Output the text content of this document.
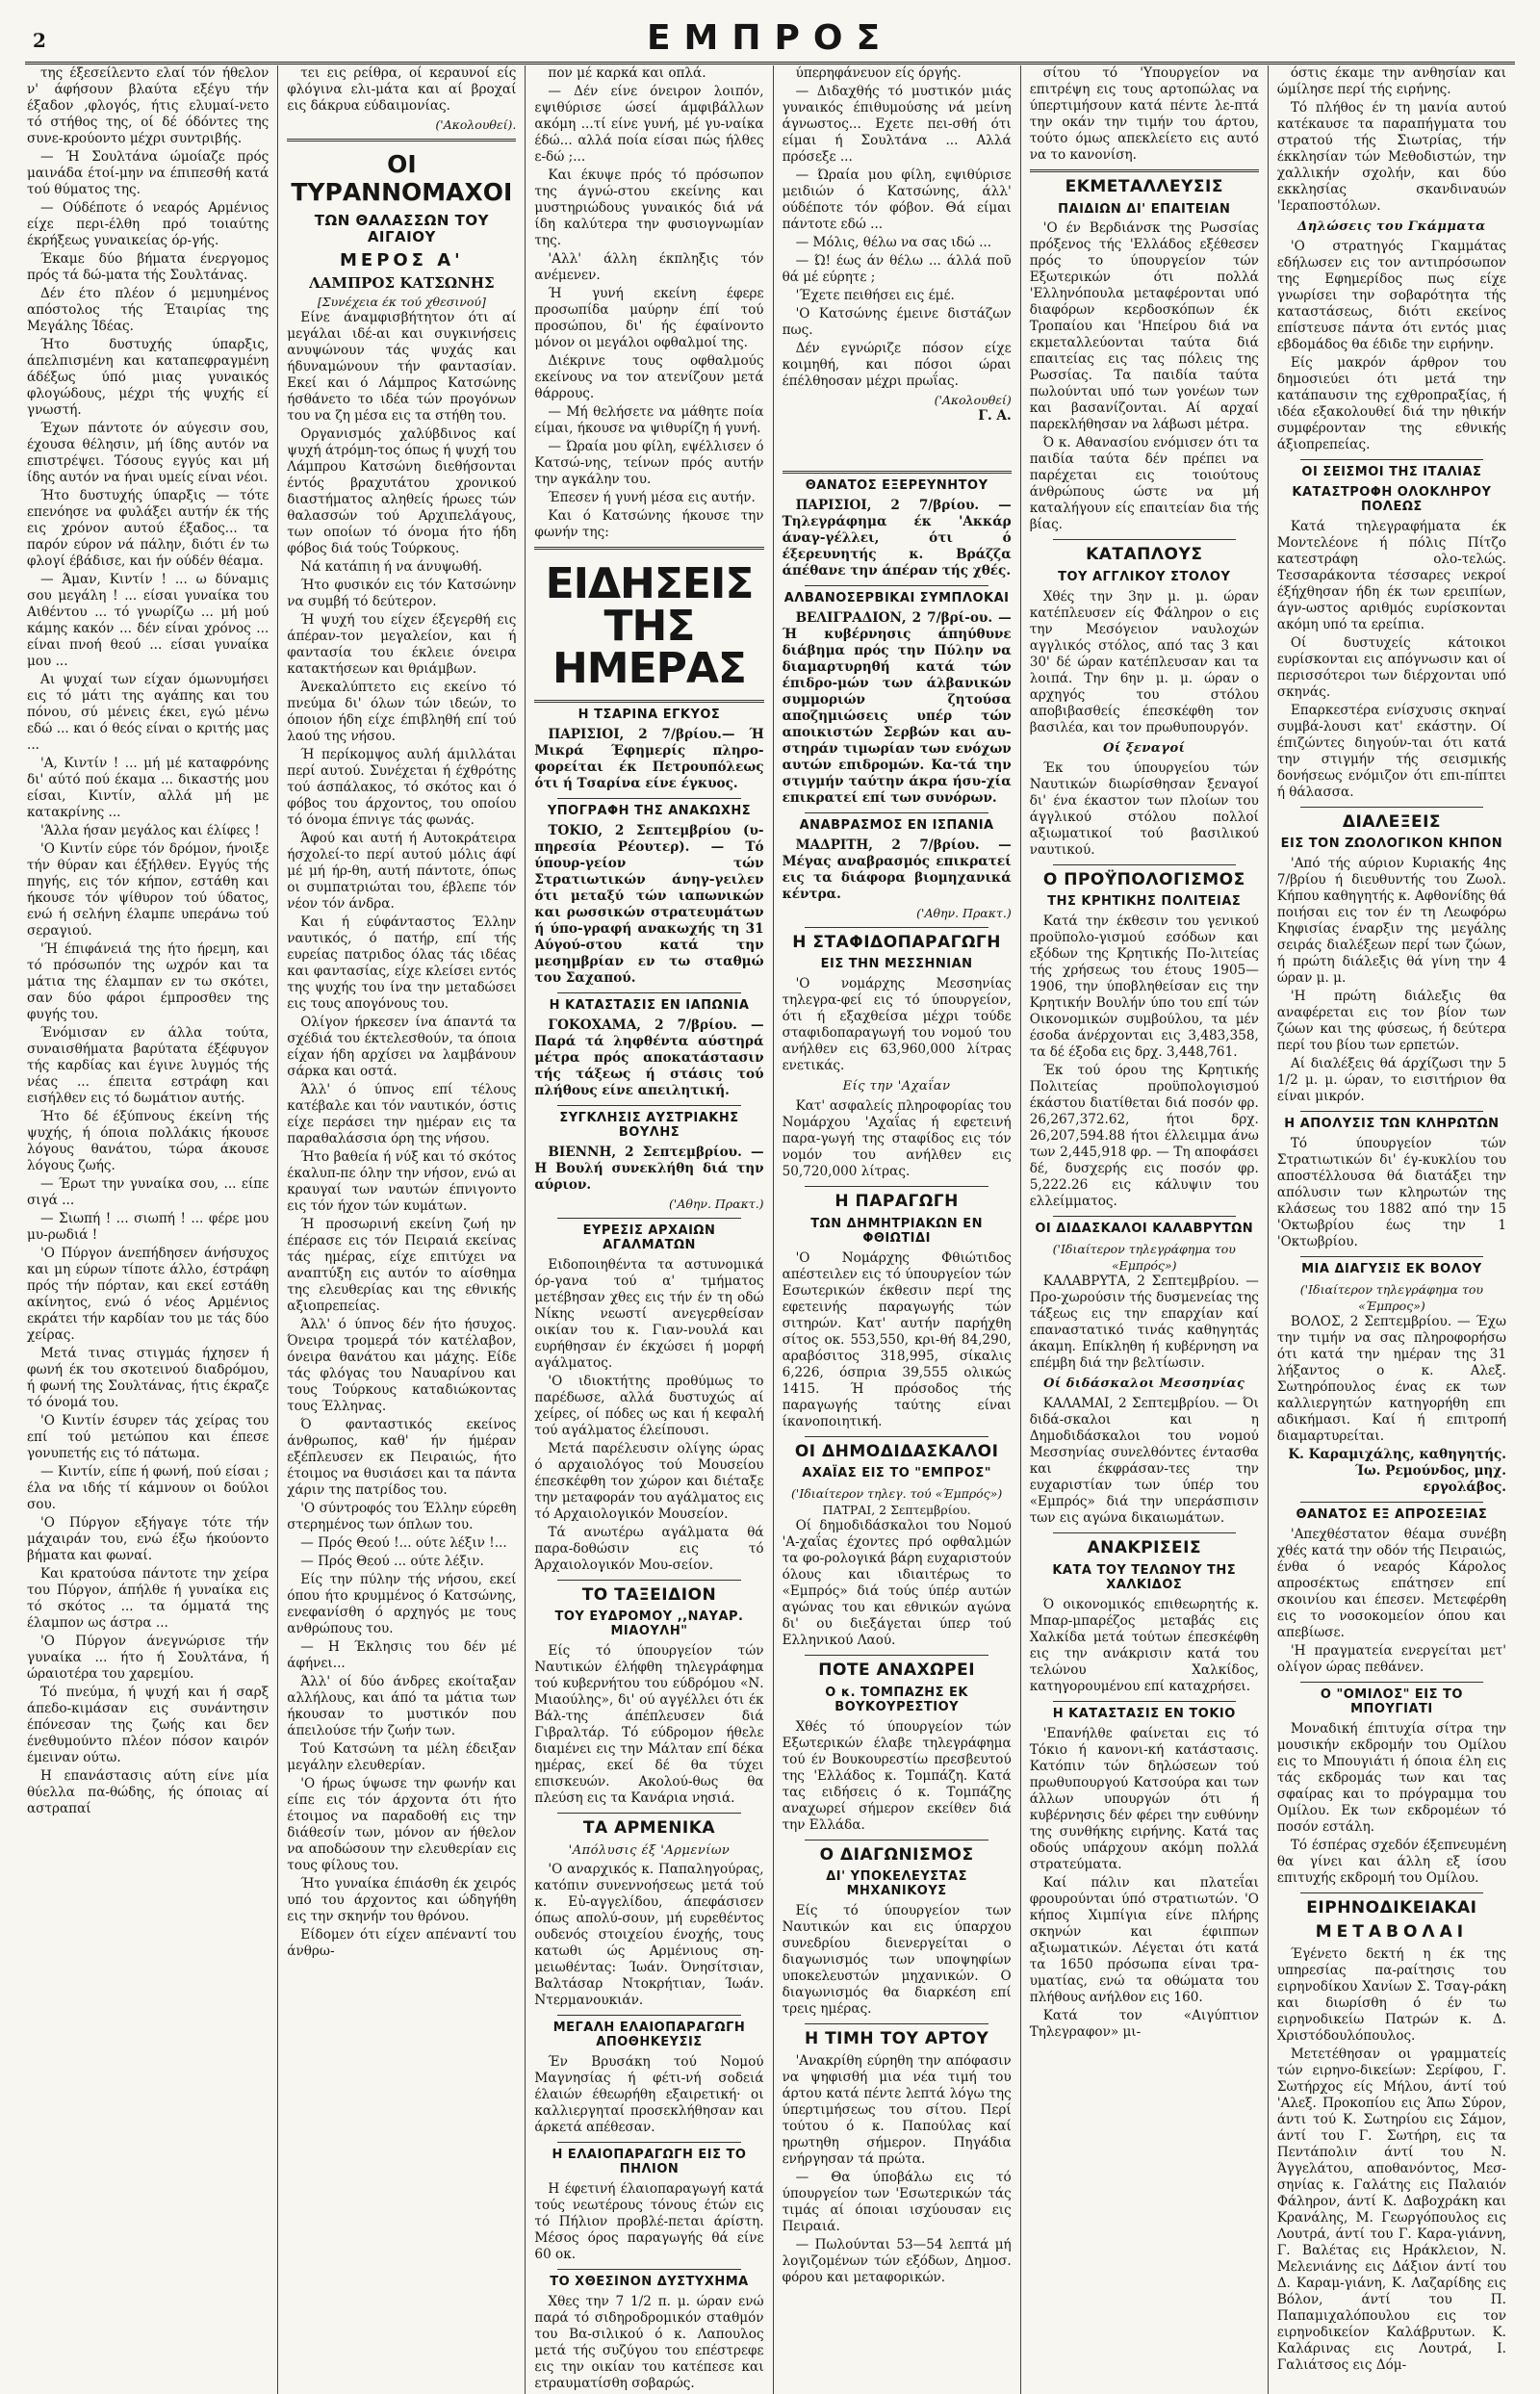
2	ΕΜΠΡΟΣ

της έξεσείλεντο ελαί τόν ήθελον ν' άφήσουν βλαύτα εξέγυ τήν έξαδον ,φλογός, ήτις ελυμαί-νετο τό στήθος της, οί δέ όδόντες της συνε-κρούοντο μέχρι συντριβής.

— Ή Σουλτάνα ώμοίαζε πρός μαινάδα έτοί-μην να έπιπεσθή κατά τού θύματος της.

— Ούδέποτε ό νεαρός Αρμένιος είχε περι-έλθη πρό τοιαύτης έκρήξεως γυναικείας όρ-γής.

Έκαμε δύο βήματα ένεργομος πρός τά δώ-ματα τής Σουλτάνας.

Δέν έτο πλέον ό μεμυημένος απόστολος τής Έταιρίας της Μεγάλης Ίδέας.

Ήτο δυστυχής ύπαρξις, άπελπισμένη και καταπεφραγμένη άδέξως ύπό μιας γυναικός φλογώδους, μέχρι τής ψυχής εί γνωστή.

Έχων πάντοτε όν αύγεσιν σου, έχουσα θέλησιν, μή ίδης αυτόν να επιστρέψει. Τόσους εγγύς και μή ίδης αυτόν να ήναι υμείς είναι νέοι.

Ήτο δυστυχής ύπαρξις — τότε επενόησε να φυλάξει αυτήν έκ τής εις χρόνον αυτού έξαδος... τα παρόν εύρον νά πάλην, διότι έν τω φλογί έβάδισε, και ήν ούδέν θέαμα.

— Άμαν, Κιντίν ! ... ω δύναμις σου μεγάλη ! ... είσαι γυναίκα του Αιθέντου ... τό γνωρίζω ... μή μού κάμης κακόν ... δέν είναι χρόνος ... είναι πνοή θεού ... είσαι γυναίκα μου ...

Αι ψυχαί των είχαν όμωνυμήσει εις τό μάτι της αγάπης και του πόνου, σύ μένεις έκει, εγώ μένω εδώ ... και ό θεός είναι ο κριτής μας ...

'Α, Κιντίν ! ... μή μέ καταφρόνης δι' αύτό πού έκαμα ... δικαστής μου είσαι, Κιντίν, αλλά μή με κατακρίνης ...

'Άλλα ήσαν μεγάλος και έλίφες !

'Ο Κιντίν εύρε τόν δρόμον, ήνοιξε τήν θύραν και έξήλθεν. Εγγύς τής πηγής, εις τόν κήπον, εστάθη και ήκουσε τόν ψίθυρον τού ύδατος, ενώ ή σελήνη έλαμπε υπεράνω τού σεραγιού.

'Ή έπιφάνειά της ήτο ήρεμη, και τό πρόσωπόν της ωχρόν και τα μάτια της έλαμπαν εν τω σκότει, σαν δύο φάροι έμπροσθεν της φυγής του.

Ένόμισαν εν άλλα τούτα, συναισθήματα βαρύτατα έξέφυγον τής καρδίας και έγινε λυγμός τής νέας ... έπειτα εστράφη και εισήλθεν εις τό δωμάτιον αυτής.

Ήτο δέ έξύπνους έκείνη τής ψυχής, ή όποια πολλάκις ήκουσε λόγους θανάτου, τώρα άκουσε λόγους ζωής.

— Έρωτ την γυναίκα σου, ... είπε σιγά ...

— Σιωπή ! ... σιωπή ! ... φέρε μου μυ-ρωδιά !

'Ο Πύργον άνεπήδησεν άνήσυχος και μη εύρων τίποτε άλλο, έστράφη πρός τήν πόρταν, και εκεί εστάθη ακίνητος, ενώ ό νέος Αρμένιος εκράτει τήν καρδίαν του με τάς δύο χείρας.

Μετά τινας στιγμάς ήχησεν ή φωνή έκ του σκοτεινού διαδρόμου, ή φωνή της Σουλτάνας, ήτις έκραζε τό όνομά του.

'Ο Κιντίν έσυρεν τάς χείρας του επί τού μετώπου και έπεσε γονυπετής εις τό πάτωμα.

— Κιντίν, είπε ή φωνή, πού είσαι ; έλα να ιδής τί κάμνουν οι δούλοι σου.

'Ο Πύργον εξήγαγε τότε τήν μάχαιράν του, ενώ έξω ήκούοντο βήματα και φωναί.

Και κρατούσα πάντοτε την χείρα του Πύργον, άπήλθε ή γυναίκα εις τό σκότος ... τα όμματά της έλαμπον ως άστρα ...

'Ο Πύργον άνεγνώρισε τήν γυναίκα ... ήτο ή Σουλτάνα, ή ώραιοτέρα του χαρεμίου.

Τό πνεύμα, ή ψυχή και ή σαρξ άπεδο-κιμάσαν εις συνάντησιν έπόνεσαν της ζωής και δεν ένεθυμούντο πλέον πόσον καιρόν έμειναν ούτω.

Η επανάστασις αύτη είνε μία θύελλα πα-θώδης, ής όποιας αί αστραπαί

τει εις ρείθρα, οί κεραυνοί είς φλόγινα ελι-μάτα και αί βροχαί εις δάκρυα εύδαιμονίας.

('Ακολουθεί).
ΟΙ ΤΥΡΑΝΝΟΜΑΧΟΙ
ΤΩΝ ΘΑΛΑΣΣΩΝ ΤΟΥ ΑΙΓΑΙΟΥ
ΜΕΡΟΣ Α'
ΛΑΜΠΡΟΣ ΚΑΤΣΩΝΗΣ
[Συνέχεια έκ τού χθεσινού]

Είνε άναμφισβήτητον ότι αί μεγάλαι ιδέ-αι και συγκινήσεις ανυψώνουν τάς ψυχάς και ήδυναμώνουν τήν φαντασίαν. Εκεί και ό Λάμπρος Κατσώνης ήσθάνετο το ιδέα τών προγόνων του να ζη μέσα εις τα στήθη του.

Οργανισμός χαλύβδινος καί ψυχή άτρόμη-τος όπως ή ψυχή του Λάμπρου Κατσώνη διεθήσονται έντός βραχυτάτου χρονικού διαστήματος αληθείς ήρωες τών θαλασσών τού Αρχιπελάγους, των οποίων τό όνομα ήτο ήδη φόβος διά τούς Τούρκους.

Νά κατάπιη ή να άνυψωθή.

Ήτο φυσικόν εις τόν Κατσώνην να συμβή τό δεύτερον.

Ή ψυχή του είχεν έξεγερθή εις άπέραν-τον μεγαλείον, και ή φαντασία του έκλειε όνειρα κατακτήσεων και θριάμβων.

Άνεκαλύπτετο εις εκείνο τό πνεύμα δι' όλων τών ιδεών, το όποιον ήδη είχε έπιβληθή επί τού λαού της νήσου.

Ή περίκομψος αυλή άμιλλάται περί αυτού. Συνέχεται ή έχθρότης τού άσπάλακος, τό σκότος και ό φόβος του άρχοντος, του οποίου τό όνομα έπνιγε τάς φωνάς.

Άφού και αυτή ή Αυτοκράτειρα ήσχολεί-το περί αυτού μόλις άφί μέ μή ήρ-θη, αυτή πάντοτε, όπως οι συμπατριώται του, έβλεπε τόν νέον τόν άνδρα.

Και ή εύφάνταστος Έλλην ναυτικός, ό πατήρ, επί τής ευρείας πατριδος όλας τάς ιδέας και φαντασίας, είχε κλείσει εντός της ψυχής του ίνα την μεταδώσει εις τους απογόνους του.

Ολίγον ήρκεσεν ίνα άπαντά τα σχέδιά του έκτελεσθούν, τα όποια είχαν ήδη αρχίσει να λαμβάνουν σάρκα και οστά.

Άλλ' ό ύπνος επί τέλους κατέβαλε και τόν ναυτικόν, όστις είχε περάσει την ημέραν εις τα παραθαλάσσια όρη της νήσου.

Ήτο βαθεία ή νύξ και τό σκότος έκαλυπ-πε όλην την νήσον, ενώ αι κραυγαί των ναυτών έπνιγοντο εις τόν ήχον τών κυμάτων.

Ή προσωρινή εκείνη ζωή ην έπέρασε εις τόν Πειραιά εκείνας τάς ημέρας, είχε επιτύχει να αναπτύξη εις αυτόν το αίσθημα της ελευθερίας και της εθνικής αξιοπρεπείας.

Άλλ' ό ύπνος δέν ήτο ήσυχος. Όνειρα τρομερά τόν κατέλαβον, όνειρα θανάτου και μάχης. Είδε τάς φλόγας του Ναυαρίνου και τους Τούρκους καταδιώκοντας τους Έλληνας.

Ό φανταστικός εκείνος άνθρωπος, καθ' ήν ήμέραν εξέπλευσεν εκ Πειραιώς, ήτο έτοιμος να θυσιάσει και τα πάντα χάριν της πατρίδος του.

'Ο σύντροφός του Έλλην εύρεθη στερημένος των όπλων του.

— Πρός Θεού !... ούτε λέξιν !...

— Πρός Θεού ... ούτε λέξιν.

Είς την πύλην τής νήσου, εκεί όπου ήτο κρυμμένος ό Κατσώνης, ενεφανίσθη ό αρχηγός με τους ανθρώπους του.

— Η Έκλησις του δέν μέ άφήνει...

Άλλ' οί δύο άνδρες εκοίταξαν αλλήλους, και άπό τα μάτια των ήκουσαν το μυστικόν που άπειλούσε τήν ζωήν των.

Τού Κατσώνη τα μέλη έδειξαν μεγάλην ελευθερίαν.

'Ο ήρως ύψωσε την φωνήν και είπε εις τόν άρχοντα ότι ήτο έτοιμος να παραδοθή εις την διάθεσίν των, μόνον αν ήθελον να αποδώσουν την ελευθερίαν εις τους φίλους του.

Ήτο γυναίκα έπιάσθη έκ χειρός υπό του άρχοντος και ώδηγήθη εις την σκηνήν του θρόνου.

Είδομεν ότι είχεν απέναντί του άνθρω-

πον μέ καρκά και οπλά.

— Δέν είνε όνειρον λοιπόν, εψιθύρισε ώσεί άμφιβάλλων ακόμη ...τί είνε γυνή, μέ γυ-ναίκα έδώ... αλλά ποία είσαι πώς ήλθες ε-δώ ;...

Και έκυψε πρός τό πρόσωπον της άγνώ-στου εκείνης και μυστηριώδους γυναικός διά νά ίδη καλύτερα την φυσιογνωμίαν της.

'Αλλ' άλλη έκπληξις τόν ανέμενεν.

Ή γυνή εκείνη έφερε προσωπίδα μαύρην έπί τού προσώπου, δι' ής έφαίνοντο μόνον οι μεγάλοι οφθαλμοί της.

Διέκρινε τους οφθαλμούς εκείνους να τον ατενίζουν μετά θάρρους.

— Μή θελήσετε να μάθητε ποία είμαι, ήκουσε να ψιθυρίζη ή γυνή.

— Ώραία μου φίλη, εψέλλισεν ό Κατσώ-νης, τείνων πρός αυτήν την αγκάλην του.

Έπεσεν ή γυνή μέσα εις αυτήν.

Και ό Κατσώνης ήκουσε την φωνήν της:

ΕΙΔΗΣΕΙΣ ΤΗΣ ΗΜΕΡΑΣ
Η ΤΣΑΡΙΝΑ ΕΓΚΥΟΣ

ΠΑΡΙΣΙΟΙ, 2 7/βρίου.— Ή Μικρά Έφημερίς πληρο-φορείται έκ Πετρουπόλεως ότι ή Τσαρίνα είνε έγκυος.

ΥΠΟΓΡΑΦΗ ΤΗΣ ΑΝΑΚΩΧΗΣ

ΤΟΚΙΟ, 2 Σεπτεμβρίου (υ-πηρεσία Ρέουτερ). — Τό ύπουρ-γείον τών Στρατιωτικών άνηγ-γειλεν ότι μεταξύ τών ιαπωνικών και ρωσσικών στρατευμάτων ή ύπο-γραφή ανακωχής τη 31 Αύγού-στου κατά την μεσημβρίαν εν τω σταθμώ του Σαχαπού.

Η ΚΑΤΑΣΤΑΣΙΣ ΕΝ ΙΑΠΩΝΙΑ

ΓΟΚΟΧΑΜΑ, 2 7/βρίου. — Παρά τά ληφθέντα αύστηρά μέτρα πρός αποκατάστασιν τής τάξεως ή στάσις τού πλήθους είνε απειλητική.

ΣΥΓΚΛΗΣΙΣ ΑΥΣΤΡΙΑΚΗΣ ΒΟΥΛΗΣ

ΒΙΕΝΝΗ, 2 Σεπτεμβρίου. — Η Βουλή συνεκλήθη διά την αύριον.

('Αθην. Πρακτ.)
ΕΥΡΕΣΙΣ ΑΡΧΑΙΩΝ ΑΓΑΛΜΑΤΩΝ

Ειδοποιηθέντα τα αστυνομικά όρ-γανα τού α' τμήματος μετέβησαν χθες εις τήν έν τη οδώ Νίκης νεωστί ανεγερθείσαν οικίαν του κ. Γιαν-νουλά και ευρήθησαν έν έκχώσει ή μορφή αγάλματος.

'Ο ιδιοκτήτης προθύμως το παρέδωσε, αλλά δυστυχώς αί χείρες, οί πόδες ως και ή κεφαλή τού αγάλματος έλείπουσι.

Μετά παρέλευσιν ολίγης ώρας ό αρχαιολόγος τού Μουσείου έπεσκέφθη τον χώρον και διέταξε την μεταφοράν του αγάλματος εις τό Αρχαιολογικόν Μουσείον.

Τά ανωτέρω αγάλματα θά παρα-δοθώσιν εις τό Άρχαιολογικόν Μου-σείον.

ΤΟ ΤΑΞΕΙΔΙΟΝ
ΤΟΥ ΕΥΔΡΟΜΟΥ ,,ΝΑΥΑΡ. ΜΙΑΟΥΛΗ"

Είς τό ύπουργείον τών Ναυτικών έλήφθη τηλεγράφημα τού κυβερνήτου του εύδρόμου «Ν. Μιαούλης», δι' ού αγγέλλει ότι έκ Βάλ-της άπέπλευσεν διά Γιβραλτάρ. Τό εύδρομον ήθελε διαμένει εις την Μάλταν επί δέκα ημέρας, εκεί δέ θα τύχει επισκευών. Ακολού-θως θα πλεύση εις τα Κανάρια νησιά.

ΤΑ ΑΡΜΕΝΙΚΑ
'Απόλυσις έξ 'Αρμενίων

'Ο αναρχικός κ. Παπαληγούρας, κατόπιν συνεννοήσεως μετά τού κ. Εὐ-αγγελίδου, άπεφάσισεν όπως απολύ-σουν, μή ευρεθέντος ουδενός στοιχείου ένοχής, τους κατωθι ώς Αρμένιους ση-μειωθέντας: Ίωάν. Όνησίτσιαν, Βαλτάσαρ Ντοκρήτιαν, Ίωάν. Ντερμανουκιάν.

ΜΕΓΑΛΗ ΕΛΑΙΟΠΑΡΑΓΩΓΗ ΑΠΟΘΗΚΕΥΣΙΣ

Έν Βρυσάκη τού Νομού Μαγνησίας ή φέτι-νή σοδειά έλαιών έθεωρήθη εξαιρετική· οι καλλιεργηταί προσεκλήθησαν και άρκετά απέθεσαν.

Η ΕΛΑΙΟΠΑΡΑΓΩΓΗ ΕΙΣ ΤΟ ΠΗΛΙΟΝ

Η έφετινή έλαιοπαραγωγή κατά τούς νεωτέρους τόνους έτών εις τό Πήλιον προβλέ-πεται άρίστη. Μέσος όρος παραγωγής θά είνε 60 οκ.

ΤΟ ΧΘΕΣΙΝΟΝ ΔΥΣΤΥΧΗΜΑ

Χθες την 7 1/2 π. μ. ώραν ενώ παρά τό σιδηροδρομικόν σταθμόν του Βα-σιλικού ό κ. Λαπουλος μετά τής συζύγου του επέστρεφε εις την οικίαν του κατέπεσε και ετραυματίσθη σοβαρώς.

ύπερηφάνευον είς όργής.

— Διδαχθής τό μυστικόν μιάς γυναικός έπιθυμούσης νά μείνη άγνωστος... Εχετε πει-σθή ότι είμαι ή Σουλτάνα ... Αλλά πρόσεξε ...

— Ώραία μου φίλη, εψιθύρισε μειδιών ό Κατσώνης, άλλ' ούδέποτε τόν φόβον. Θά είμαι πάντοτε εδώ ...

— Μόλις, θέλω να σας ιδώ ...

— Ώ! έως άν θέλω ... άλλά ποῦ θά μέ εύρητε ;

'Έχετε πειθήσει εις έμέ.

'Ο Κατσώνης έμεινε διστάζων πως.

Δέν εγνώριζε πόσον είχε κοιμηθή, και πόσοι ώραι έπέλθηοσαν μέχρι πρωΐας.

('Ακολουθεί)
Γ. Α.
ΘΑΝΑΤΟΣ ΕΞΕΡΕΥΝΗΤΟΥ

ΠΑΡΙΣΙΟΙ, 2 7/βρίου. — Τηλεγράφημα έκ 'Ακκάρ άναγ-γέλλει, ότι ό έξερευνητής κ. Βράζζα άπέθανε την άπέραν τής χθές.

ΑΛΒΑΝΟΣΕΡΒΙΚΑΙ ΣΥΜΠΛΟΚΑΙ

ΒΕΛΙΓΡΑΔΙΟΝ, 2 7/βρί-ου. — Ή κυβέρνησις άπηύθυνε διάβημα πρός την Πύλην να διαμαρτυρηθή κατά τών έπιδρο-μών των άλβανικών συμμοριών ζητούσα αποζημιώσεις υπέρ τών αποικιστών Σερβών και αυ-στηράν τιμωρίαν των ενόχων αυτών επιδρομών. Κα-τά την στιγμήν ταύτην άκρα ήσυ-χία επικρατεί επί των συνόρων.

ΑΝΑΒΡΑΣΜΟΣ ΕΝ ΙΣΠΑΝΙΑ

ΜΑΔΡΙΤΗ, 2 7/βρίου. — Μέγας αναβρασμός επικρατεί εις τα διάφορα βιομηχανικά κέντρα.

('Αθην. Πρακτ.)
Η ΣΤΑΦΙΔΟΠΑΡΑΓΩΓΗ
ΕΙΣ ΤΗΝ ΜΕΣΣΗΝΙΑΝ

'Ο νομάρχης Μεσσηνίας τηλεγρα-φεί εις τό ύπουργείον, ότι ή εξαχθείσα μέχρι τούδε σταφιδοπαραγωγή του νομού του ανήλθεν εις 63,960,000 λίτρας ενετικάς.

Είς την 'Αχαΐαν

Κατ' ασφαλείς πληροφορίας του Νομάρχου 'Αχαΐας ή εφετεινή παρα-γωγή της σταφίδος εις τόν νομόν του ανήλθεν εις 50,720,000 λίτρας.

Η ΠΑΡΑΓΩΓΗ
ΤΩΝ ΔΗΜΗΤΡΙΑΚΩΝ ΕΝ ΦΘΙΩΤΙΔΙ

'Ο Νομάρχης Φθιώτιδος απέστειλεν εις τό ύπουργείον τών Εσωτερικών έκθεσιν περί της εφετεινής παραγωγής τών σιτηρών. Κατ' αυτήν παρήχθη σίτος οκ. 553,550, κρι-θή 84,290, αραβόσιτος 318,995, σίκαλις 6,226, όσπρια 39,555 ολικώς 1415. Ή πρόσοδος τής παραγωγής ταύτης είναι ίκανοποιητική.

ΟΙ ΔΗΜΟΔΙΔΑΣΚΑΛΟΙ
ΑΧΑΪΑΣ ΕΙΣ ΤΟ "ΕΜΠΡΟΣ"
('Ιδιαίτερον τηλεγ. τού «Έμπρός»)
ΠΑΤΡΑΙ, 2 Σεπτεμβρίου.

Οί δημοδιδάσκαλοι του Νομού 'Α-χαΐας έχοντες πρό οφθαλμών τα φο-ρολογικά βάρη ευχαριστούν όλους και ιδιαιτέρως το «Εμπρός» διά τούς ύπέρ αυτών αγώνας του και εθνικών αγώνα δι' ου διεξάγεται ύπερ τού Ελληνικού Λαού.

ΠΟΤΕ ΑΝΑΧΩΡΕΙ
Ο κ. ΤΟΜΠΑΖΗΣ ΕΚ ΒΟΥΚΟΥΡΕΣΤΙΟΥ

Χθές τό ύπουργείον τών Εξωτερικών έλαβε τηλεγράφημα τού έν Βουκουρεστίω πρεσβευτού της 'Ελλάδος κ. Τομπάζη. Κατά τας ειδήσεις ό κ. Τομπάζης αναχωρεί σήμερον εκείθεν διά την Ελλάδα.

Ο ΔΙΑΓΩΝΙΣΜΟΣ
ΔΙ' ΥΠΟΚΕΛΕΥΣΤΑΣ ΜΗΧΑΝΙΚΟΥΣ

Είς τό ύπουργείον των Ναυτικών και εις ύπαρχου συνεδρίου διενεργείται ο διαγωνισμός των υποψηφίων υποκελευστών μηχανικών. Ο διαγωνισμός θα διαρκέση επί τρεις ημέρας.

Η ΤΙΜΗ ΤΟΥ ΑΡΤΟΥ

'Ανακρίθη εύρηθη την απόφασιν να ψηφισθή μια νέα τιμή του άρτου κατά πέντε λεπτά λόγω της ύπερτιμήσεως του σίτου. Περί τούτου ό κ. Παπούλας καί ηρωτηθη σήμερον. Πηγάδια ενήργησαν τά πρώτα.

— Θα ύποβάλω εις τό ύπουργείον των 'Εσωτερικών τάς τιμάς αί όποιαι ισχύουσαν εις Πειραιά.

— Πωλούνται 53—54 λεπτά μή λογιζομένων τών εξόδων, Δημοσ. φόρου και μεταφορικών.

σίτου τό 'Υπουργείον να επιτρέψη εις τους αρτοπώλας να ύπερτιμήσουν κατά πέντε λε-πτά την οκάν την τιμήν του άρτου, τούτο όμως απεκλείετο εις αυτό να το κανονίση.

ΕΚΜΕΤΑΛΛΕΥΣΙΣ
ΠΑΙΔΙΩΝ ΔΙ' ΕΠΑΙΤΕΙΑΝ

'Ο έν Βερδιάνσκ της Ρωσσίας πρόξενος τής 'Ελλάδος εξέθεσεν πρός το ύπουργείον τών Εξωτερικών ότι πολλά 'Ελληνόπουλα μεταφέρονται υπό διαφόρων κερδοσκόπων έκ Τροπαίου και 'Ηπείρου διά να εκμεταλλεύονται ταύτα διά επαιτείας εις τας πόλεις της Ρωσσίας. Τα παιδία ταύτα πωλούνται υπό των γονέων των και βασανίζονται. Αί αρχαί παρεκλήθησαν να λάβωσι μέτρα.

Ό κ. Αθανασίου ενόμισεν ότι τα παιδία ταύτα δέν πρέπει να παρέχεται εις τοιούτους άνθρώπους ώστε να μή καταλήγουν είς επαιτείαν δια τής βίας.

ΚΑΤΑΠΛΟΥΣ
ΤΟΥ ΑΓΓΛΙΚΟΥ ΣΤΟΛΟΥ

Χθές την 3ην μ. μ. ώραν κατέπλευσεν είς Φάληρον ο εις την Μεσόγειον ναυλοχών αγγλικός στόλος, από τας 3 και 30' δέ ώραν κατέπλευσαν και τα λοιπά. Την 6ην μ. μ. ώραν ο αρχηγός του στόλου αποβιβασθείς έπεσκέφθη τον βασιλέα, και τον πρωθυπουργόν.

Οί ξεναγοί

Έκ του ύπουργείου τών Ναυτικών διωρίσθησαν ξεναγοί δι' ένα έκαστον των πλοίων του άγγλικού στόλου πολλοί αξιωματικοί τού βασιλικού ναυτικού.

Ο ΠΡΟΫΠΟΛΟΓΙΣΜΟΣ
ΤΗΣ ΚΡΗΤΙΚΗΣ ΠΟΛΙΤΕΙΑΣ

Κατά την έκθεσιν του γενικού προϋπολο-γισμού εσόδων και εξόδων της Κρητικής Πο-λιτείας τής χρήσεως του έτους 1905—1906, την ύποβληθείσαν εις την Κρητικήν Βουλήν ύπο του επί τών Οικονομικών συμβούλου, τα μέν έσοδα άνέρχονται εις 3,483,358, τα δέ έξοδα εις δρχ. 3,448,761.

Έκ τού όρου της Κρητικής Πολιτείας προϋπολογισμού έκάστου διατίθεται διά ποσόν φρ. 26,267,372.62, ήτοι δρχ. 26,207,594.88 ήτοι έλλειμμα άνω των 2,445,918 φρ. — Τη αποφάσει δέ, δυσχερής εις ποσόν φρ. 5,222.26 εις κάλυψιν του ελλείμματος.

ΟΙ ΔΙΔΑΣΚΑΛΟΙ ΚΑΛΑΒΡΥΤΩΝ
('Ιδιαίτερον τηλεγράφημα του «Εμπρός»)

ΚΑΛΑΒΡΥΤΑ, 2 Σεπτεμβρίου. — Προ-χωρούσιν τής δυσμενείας της τάξεως εις την επαρχίαν καί επαναστατικό τινάς καθηγητάς άκαμη. Επίκληθη ή κυβέρνηση να επέμβη διά την βελτίωσιν.

Οί διδάσκαλοι Μεσσηνίας

ΚΑΛΑΜΑΙ, 2 Σεπτεμβρίου. — Όι διδά-σκαλοι και η Δημοδιδάσκαλοι του νομού Μεσσηνίας συνελθόντες έντασθα και έκφράσαν-τες την ευχαριστίαν των ύπέρ του «Εμπρός» διά την υπεράσπισιν των εις αγώνα δικαιωμάτων.

ΑΝΑΚΡΙΣΕΙΣ
ΚΑΤΑ ΤΟΥ ΤΕΛΩΝΟΥ ΤΗΣ ΧΑΛΚΙΔΟΣ

Ό οικονομικός επιθεωρητής κ. Μπαρ-μπαρέζος μεταβάς εις Χαλκίδα μετά τούτων έπεσκέφθη εις την ανάκρισιν κατά του τελώνου Χαλκίδος, κατηγορουμένου επί καταχρήσει.

Η ΚΑΤΑΣΤΑΣΙΣ ΕΝ ΤΟΚΙΟ

'Επανήλθε φαίνεται εις τό Τόκιο ή κανονι-κή κατάστασις. Κατόπιν τών δηλώσεων τού πρωθυπουργού Κατσούρα και των άλλων υπουργών ότι ή κυβέρνησις δέν φέρει την ευθύνην της συνθήκης ειρήνης. Κατά τας οδούς υπάρχουν ακόμη πολλά στρατεύματα.

Καί πάλιν και πλατεΐαι φρουρούνται ύπό στρατιωτών. 'Ο κήπος Χιμπίγια είνε πλήρης σκηνών και έφιππων αξιωματικών. Λέγεται ότι κατά τα 1650 πρόσωπα είναι τρα-υματίας, ενώ τα οθώματα του πλήθους ανήλθον εις 160.

Κατά τον «Αιγύπτιον Τηλεγραφον» μι-

όστις έκαμε την ανθησίαν και ώμίλησε περί τής ειρήνης.

Τό πλήθος έν τη μανία αυτού κατέκαυσε τα παραπήγματα του στρατού τής Σιωτρίας, τήν έκκλησίαν τών Μεθοδιστών, την χαλλικήν σχολήν, και δύο εκκλησίας σκανδιναυών 'Ιεραποστόλων.

Δηλώσεις του Γκάμματα

'Ο στρατηγός Γκαμμάτας εδήλωσεν εις τον αντιπρόσωπον της Εφημερίδος πως είχε γνωρίσει την σοβαρότητα τής καταστάσεως, διότι εκείνος επίστευσε πάντα ότι εντός μιας εβδομάδος θα έδιδε την ειρήνην.

Είς μακρόν άρθρον του δημοσιεύει ότι μετά την κατάπαυσιν της εχθροπραξίας, ή ιδέα εξακολουθεί διά την ηθικήν συμφέρονταν της εθνικής άξιοπρεπείας.

ΟΙ ΣΕΙΣΜΟΙ ΤΗΣ ΙΤΑΛΙΑΣ
ΚΑΤΑΣΤΡΟΦΗ ΟΛΟΚΛΗΡΟΥ ΠΟΛΕΩΣ

Κατά τηλεγραφήματα έκ Μοντελέονε ή πόλις Πίτζο κατεστράφη ολο-τελώς. Τεσσαράκοντα τέσσαρες νεκροί έξήχθησαν ήδη έκ των ερειπίων, άγν-ωστος αριθμός ευρίσκονται ακόμη υπό τα ερείπια.

Οί δυστυχείς κάτοικοι ευρίσκονται εις απόγνωσιν και οί περισσότεροι των διέρχονται υπό σκηνάς.

Επαρκεστέρα ενίσχυσις σκηναί συμβά-λουσι κατ' εκάστην. Οί έπιζώντες διηγούν-ται ότι κατά την στιγμήν τής σεισμικής δονήσεως ενόμιζον ότι επι-πίπτει ή θάλασσα.

ΔΙΑΛΕΞΕΙΣ
ΕΙΣ ΤΟΝ ΖΩΟΛΟΓΙΚΟΝ ΚΗΠΟΝ

'Από τής αύριον Κυριακής 4ης 7/βρίου ή διευθυντής του Ζωολ. Κήπου καθηγητής κ. Αφθονίδης θά ποιήσαι εις τον έν τη Λεωφόρω Κηφισίας έναρξιν της μεγάλης σειράς διαλέξεων περί των ζώων, ή πρώτη διάλεξις θά γίνη την 4 ώραν μ. μ.

'Η πρώτη διάλεξις θα αναφέρεται εις τον βίον των ζώων και της φύσεως, ή δεύτερα περί του βίου των ερπετών.

Αί διαλέξεις θά άρχίζωσι την 5 1/2 μ. μ. ώραν, το εισιτήριον θα είναι μικρόν.

Η ΑΠΟΛΥΣΙΣ ΤΩΝ ΚΛΗΡΩΤΩΝ

Τό ύπουργείον τών Στρατιωτικών δι' έγ-κυκλίου του αποστέλλουσα θά διατάξει την απόλυσιν των κληρωτών της κλάσεως του 1882 από την 15 'Οκτωβρίου έως την 1 'Οκτωβρίου.

ΜΙΑ ΔΙΑΓΥΣΙΣ ΕΚ ΒΟΛΟΥ
('Ιδιαίτερον τηλεγράφημα του «Έμπρος»)

ΒΟΛΟΣ, 2 Σεπτεμβρίου. — Έχω την τιμήν να σας πληροφορήσω ότι κατά την ημέραν της 31 λήξαντος ο κ. Αλεξ. Σωτηρόπουλος ένας εκ των καλλιεργητών κατηγορήθη επι αδικήμασι. Καί ή επιτροπή διαμαρτυρείται.

Κ. Καραμιχάλης, καθηγητής.
Ίω. Ρεμούνδος, μηχ. εργολάβος.
ΘΑΝΑΤΟΣ ΕΞ ΑΠΡΟΣΕΞΙΑΣ

'Απεχθέστατον θέαμα συνέβη χθές κατά την οδόν τής Πειραιώς, ένθα ό νεαρός Κάρολος απροσέκτως επάτησεν επί σκοινίου και έπεσεν. Μετεφέρθη εις το νοσοκομείον όπου και απεβίωσε.

'Η πραγματεία ενεργείται μετ' ολίγον ώρας πεθάνεν.

Ο "ΟΜΙΛΟΣ" ΕΙΣ ΤΟ ΜΠΟΥΓΙΑΤΙ

Μοναδική έπιτυχία σίτρα την μουσικήν εκδρομήν του Ομίλου εις το Μπουγιάτι ή όποια έλη εις τάς εκδρομάς των και τας σφαίρας και το πρόγραμμα του Ομίλου. Εκ των εκδρομέων τό ποσόν εστάλη.

Τό έσπέρας σχεδόν έξεπνευμένη θα γίνει και άλλη εξ ίσου επιτυχής εκδρομή του Ομίλου.

ΕΙΡΗΝΟΔΙΚΕΙΑΚΑΙ
ΜΕΤΑΒΟΛΑΙ

Έγένετο δεκτή η έκ της υπηρεσίας πα-ραίτησις του ειρηνοδίκου Χανίων Σ. Τσαγ-ράκη και διωρίσθη ό έν τω ειρηνοδικείω Πατρών κ. Δ. Χριστόδουλόπουλος.

Μετετέθησαν οι γραμματείς τών ειρηνο-δικείων: Σερίφου, Γ. Σωτήρχος είς Μήλου, άντί τού 'Αλεξ. Προκοπίου εις Άπω Σύρον, άντι τού Κ. Σωτηρίου εις Σάμον, άντί του Γ. Σωτήρη, εις τα Πεντάπολιν άντί του Ν. Άγγελάτου, αποθανόντος, Μεσ-σηνίας κ. Γαλάτης εις Παλαιόν Φάληρον, άντί Κ. Δαβοχράκη και Κρανάλης, Μ. Γεωργόπουλος εις Λουτρά, άντί του Γ. Καρα-γιάννη, Γ. Βαλέτας εις Ηράκλειον, Ν. Μελενιάνης εις Δάξιον άντί του Δ. Καραμ-γιάνη, Κ. Λαζαρίδης εις Βόλον, άντί του Π. Παπαμιχαλόπουλου εις τον ειρηνοδικείον Καλάβρυτων. Κ. Καλάρινας εις Λουτρά, Ι. Γαλιάτσος εις Δόμ-
